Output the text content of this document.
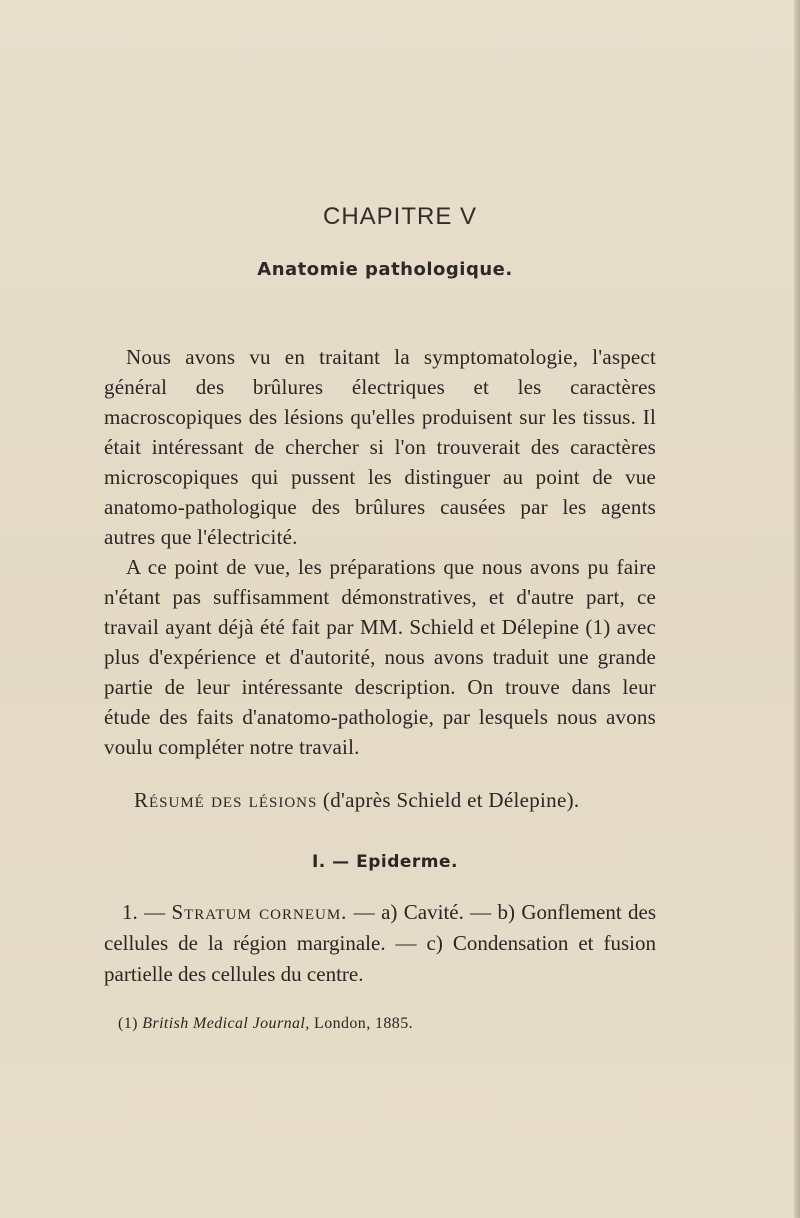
CHAPITRE V
Anatomie pathologique.

Nous avons vu en traitant la symptomatologie, l'aspect général des brûlures électriques et les caractères macroscopiques des lésions qu'elles produisent sur les tissus. Il était intéressant de chercher si l'on trouverait des caractères microscopiques qui pussent les distinguer au point de vue anatomo-pathologique des brûlures causées par les agents autres que l'électricité.

A ce point de vue, les préparations que nous avons pu faire n'étant pas suffisamment démonstratives, et d'autre part, ce travail ayant déjà été fait par MM. Schield et Délepine (1) avec plus d'expérience et d'autorité, nous avons traduit une grande partie de leur intéressante description. On trouve dans leur étude des faits d'anatomo-pathologie, par lesquels nous avons voulu compléter notre travail.

Résumé des lésions (d'après Schield et Délepine).
I. — Epiderme.

1. — Stratum corneum. — a) Cavité. — b) Gonflement des cellules de la région marginale. — c) Condensation et fusion partielle des cellules du centre.

(1) British Medical Journal, London, 1885.
